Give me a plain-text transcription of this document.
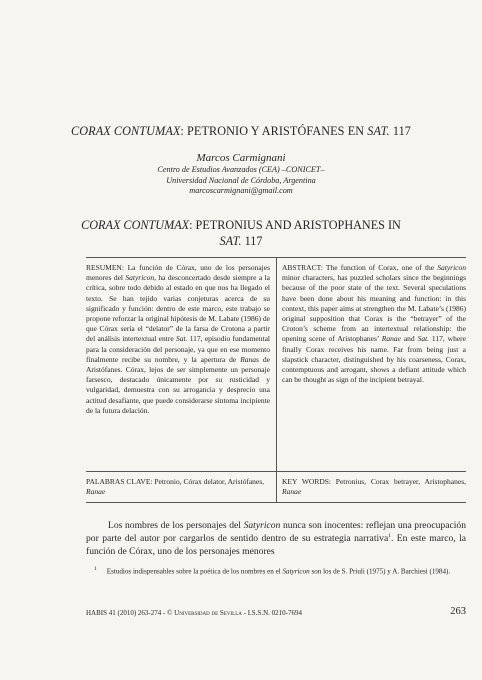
CORAX CONTUMAX: PETRONIO Y ARISTÓFANES EN SAT. 117
Marcos Carmignani
Centro de Estudios Avanzados (CEA) –CONICET–
Universidad Nacional de Córdoba, Argentina
marcoscarmignani@gmail.com
CORAX CONTUMAX: PETRONIUS AND ARISTOPHANES IN
SAT. 117
RESUMEN: La función de Córax, uno de los personajes menores del Satyricon, ha desconcertado desde siempre a la crítica, sobre todo debido al estado en que nos ha llegado el texto. Se han tejido varias conjeturas acerca de su significado y función: dentro de este marco, este trabajo se propone reforzar la original hipótesis de M. Labate (1986) de que Córax sería el “delator” de la farsa de Crotona a partir del análisis intertextual entre Sat. 117, episodio fundamental para la consideración del personaje, ya que en ese momento finalmente recibe su nombre, y la apertura de Ranas de Aristófanes. Córax, lejos de ser simplemente un personaje farsesco, destacado únicamente por su rusticidad y vulgaridad, demuestra con su arrogancia y desprecio una actitud desafiante, que puede considerarse síntoma incipiente de la futura delación.
ABSTRACT: The function of Corax, one of the Satyricon minor characters, has puzzled scholars since the beginnings because of the poor state of the text. Several speculations have been done about his meaning and function: in this context, this paper aims at strengthen the M. Labate’s (1986) original supposition that Corax is the “betrayer” of the Croton’s scheme from an intertextual relationship: the opening scene of Aristophanes’ Ranae and Sat. 117, where finally Corax receives his name. Far from being just a slapstick character, distinguished by his coarseness, Corax, contemptuous and arrogant, shows a defiant attitude which can be thought as sign of the incipient betrayal.
PALABRAS CLAVE: Petronio, Córax delator, Aristófanes, Ranae
KEY WORDS: Petronius, Corax betrayer, Aristophanes, Ranae
Los nombres de los personajes del Satyricon nunca son inocentes: reflejan una preocupación por parte del autor por cargarlos de sentido dentro de su estrategia narrativa$^1$. En este marco, la función de Córax, uno de los personajes menores
$^1$ Estudios indispensables sobre la poética de los nombres en el Satyricon son los de S. Priuli (1975) y A. Barchiesi (1984).
HABIS 41 (2010) 263-274 - © Universidad de Sevilla - I.S.S.N. 0210-7694	263
